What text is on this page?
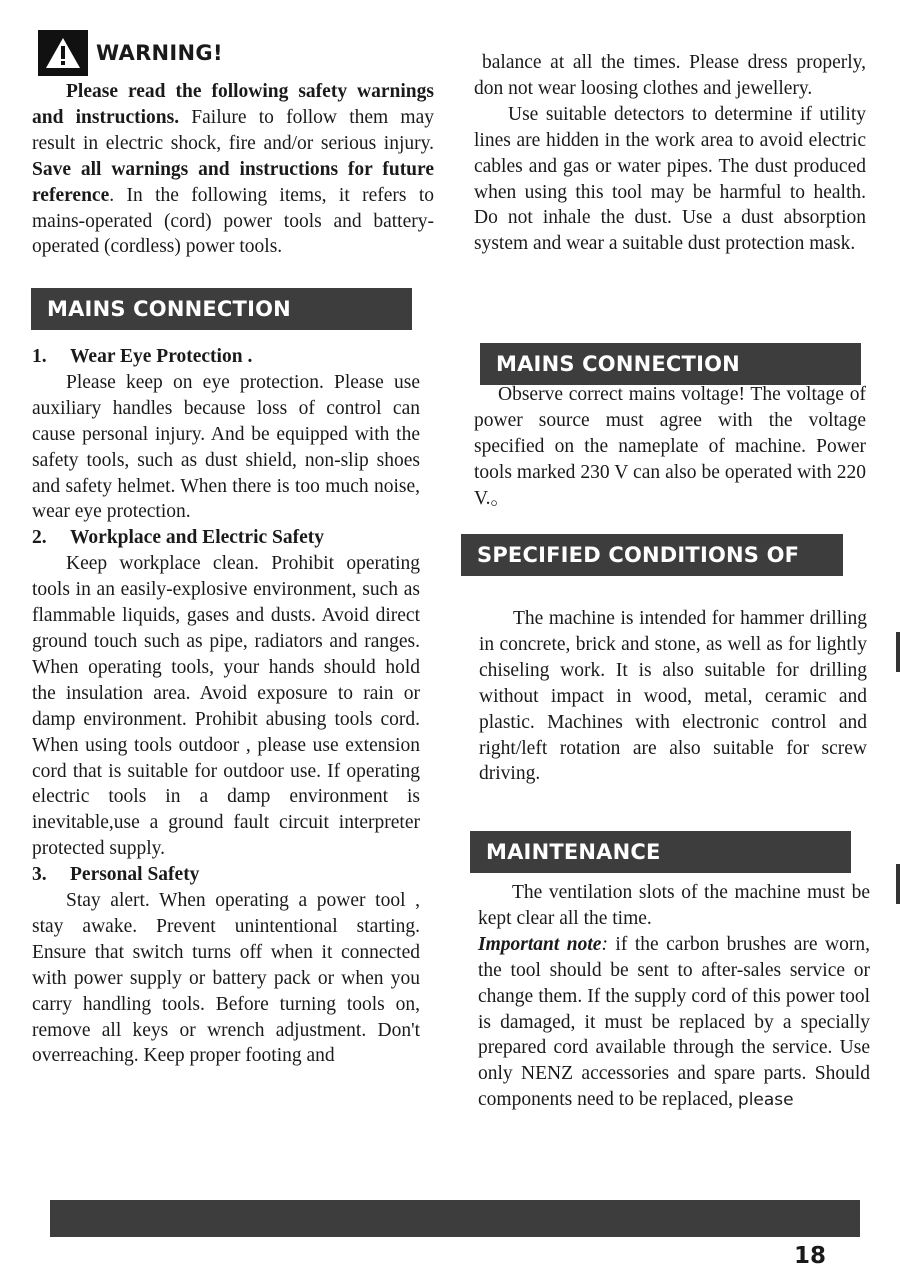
WARNING!

Please read the following safety warnings and instructions. Failure to follow them may result in electric shock, fire and/or serious injury. Save all warnings and instructions for future reference. In the following items, it refers to mains-operated (cord) power tools and battery-operated (cordless) power tools.

MAINS CONNECTION

1. Wear Eye Protection .

Please keep on eye protection. Please use auxiliary handles because loss of control can cause personal injury. And be equipped with the safety tools, such as dust shield, non-slip shoes and safety helmet. When there is too much noise, wear eye protection.

2. Workplace and Electric Safety

Keep workplace clean. Prohibit operating tools in an easily-explosive environment, such as flammable liquids, gases and dusts. Avoid direct ground touch such as pipe, radiators and ranges. When operating tools, your hands should hold the insulation area. Avoid exposure to rain or damp environment. Prohibit abusing tools cord. When using tools outdoor , please use extension cord that is suitable for outdoor use. If operating electric tools in a damp environment is inevitable,use a ground fault circuit interpreter protected supply.

3. Personal Safety

Stay alert. When operating a power tool , stay awake. Prevent unintentional starting. Ensure that switch turns off when it connected with power supply or battery pack or when you carry handling tools. Before turning tools on, remove all keys or wrench adjustment. Don't overreaching. Keep proper footing and

balance at all the times. Please dress properly, don not wear loosing clothes and jewellery.

Use suitable detectors to determine if utility lines are hidden in the work area to avoid electric cables and gas or water pipes. The dust produced when using this tool may be harmful to health. Do not inhale the dust. Use a dust absorption system and wear a suitable dust protection mask.

MAINS CONNECTION

Observe correct mains voltage! The voltage of power source must agree with the voltage specified on the nameplate of machine. Power tools marked 230 V can also be operated with 220 V.。

SPECIFIED CONDITIONS OF USE

The machine is intended for hammer drilling in concrete, brick and stone, as well as for lightly chiseling work. It is also suitable for drilling without impact in wood, metal, ceramic and plastic. Machines with electronic control and right/left rotation are also suitable for screw driving.

MAINTENANCE

The ventilation slots of the machine must be kept clear all the time.

Important note: if the carbon brushes are worn, the tool should be sent to after-sales service or change them. If the supply cord of this power tool is damaged, it must be replaced by a specially prepared cord available through the service. Use only NENZ accessories and spare parts. Should components need to be replaced, please

18
